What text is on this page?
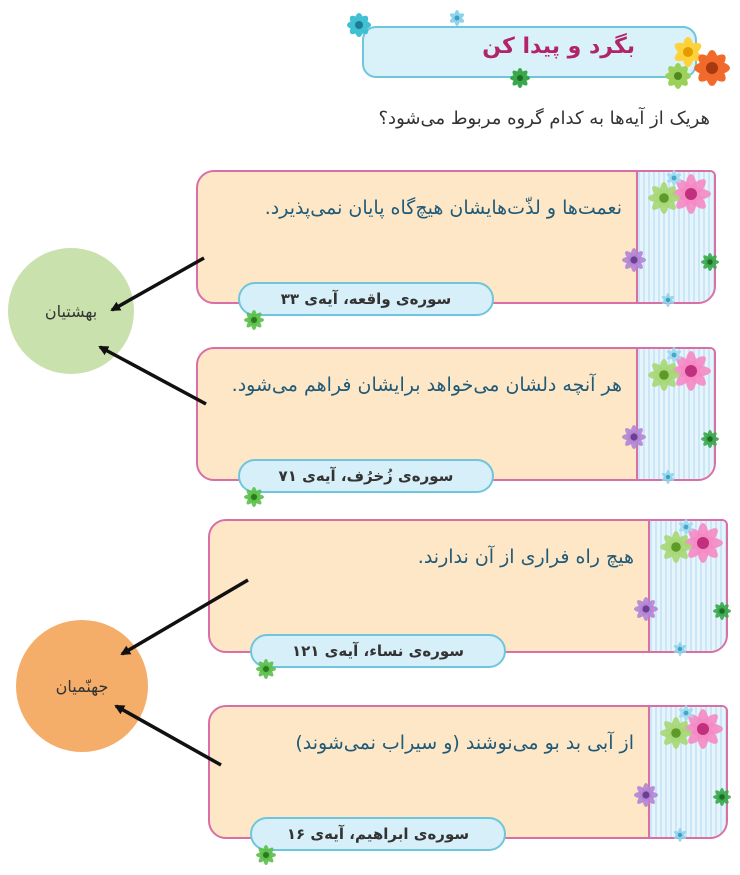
بگرد و پیدا کن
هریک از آیه‌ها به کدام گروه مربوط می‌شود؟
نعمت‌ها و لذّت‌هایشان هیچ‌گاه پایان نمی‌پذیرد.
سوره‌ی واقعه، آیه‌ی ۳۳
هر آنچه دلشان می‌خواهد برایشان فراهم می‌شود.
سوره‌ی زُخرُف، آیه‌ی ۷۱
هیچ راه فراری از آن ندارند.
سوره‌ی نساء، آیه‌ی ۱۲۱
از آبی بد بو می‌نوشند (و سیراب نمی‌شوند)
سوره‌ی ابراهیم، آیه‌ی ۱۶
بهشتیان
جهنّمیان
